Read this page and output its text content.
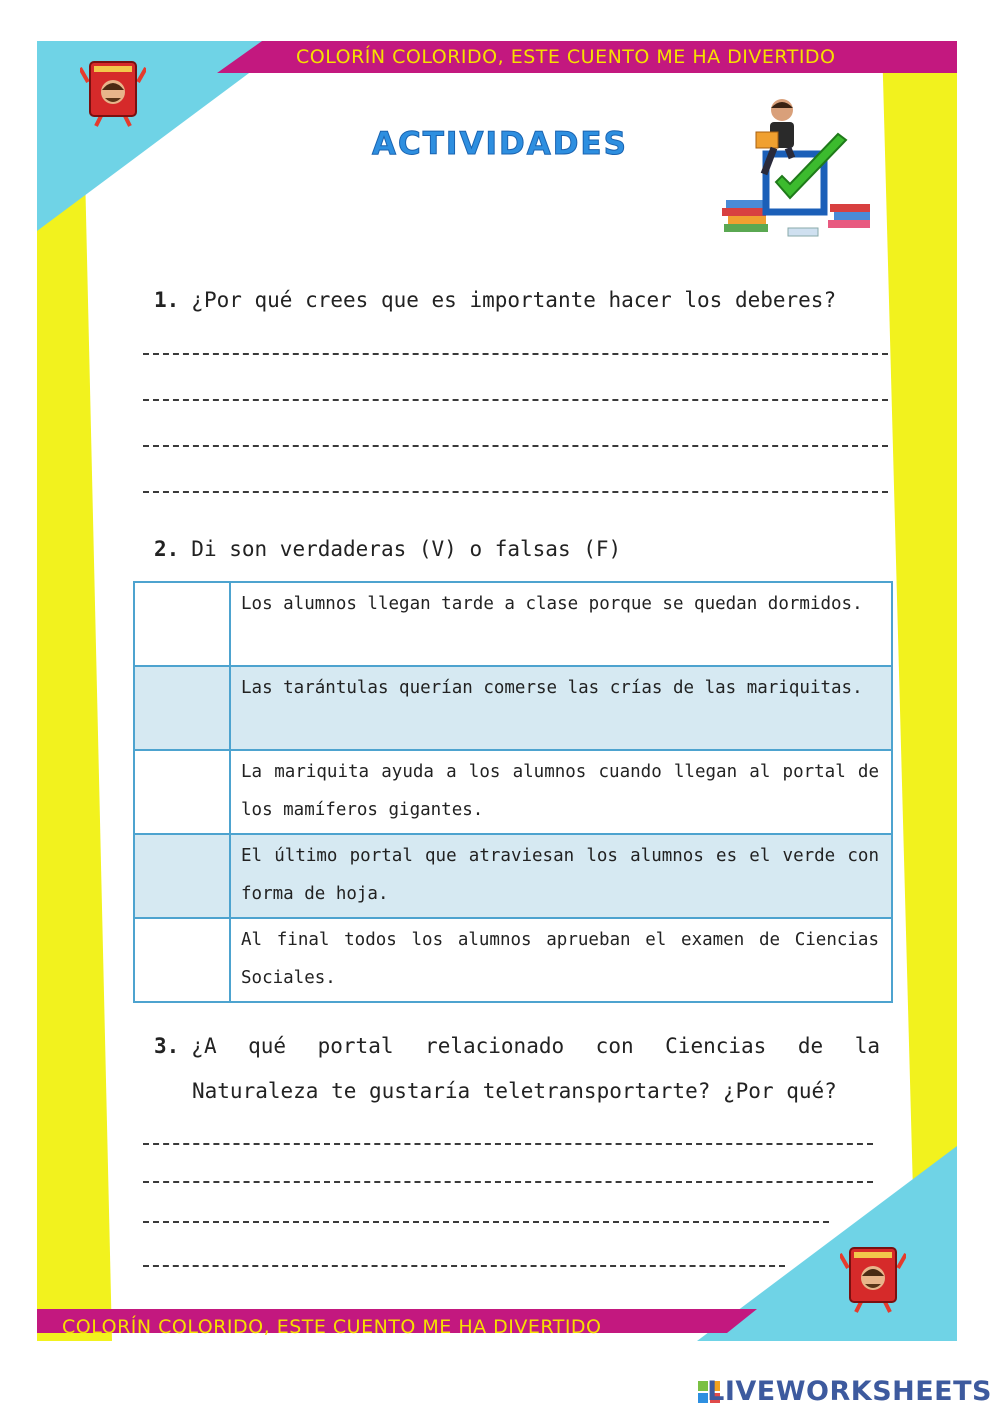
COLORÍN COLORIDO, ESTE CUENTO ME HA DIVERTIDO
COLORÍN COLORIDO, ESTE CUENTO ME HA DIVERTIDO
ACTIVIDADES
1. ¿Por qué crees que es importante hacer los deberes?
2. Di son verdaderas (V) o falsas (F)
	Los alumnos llegan tarde a clase porque se quedan dormidos.
	Las tarántulas querían comerse las crías de las mariquitas.
	La mariquita ayuda a los alumnos cuando llegan al portal de los mamíferos gigantes.
	El último portal que atraviesan los alumnos es el verde con forma de hoja.
	Al final todos los alumnos aprueban el examen de Ciencias Sociales.
3. ¿A qué portal relacionado con Ciencias de la
Naturaleza te gustaría teletransportarte? ¿Por qué?
LIVEWORKSHEETS
